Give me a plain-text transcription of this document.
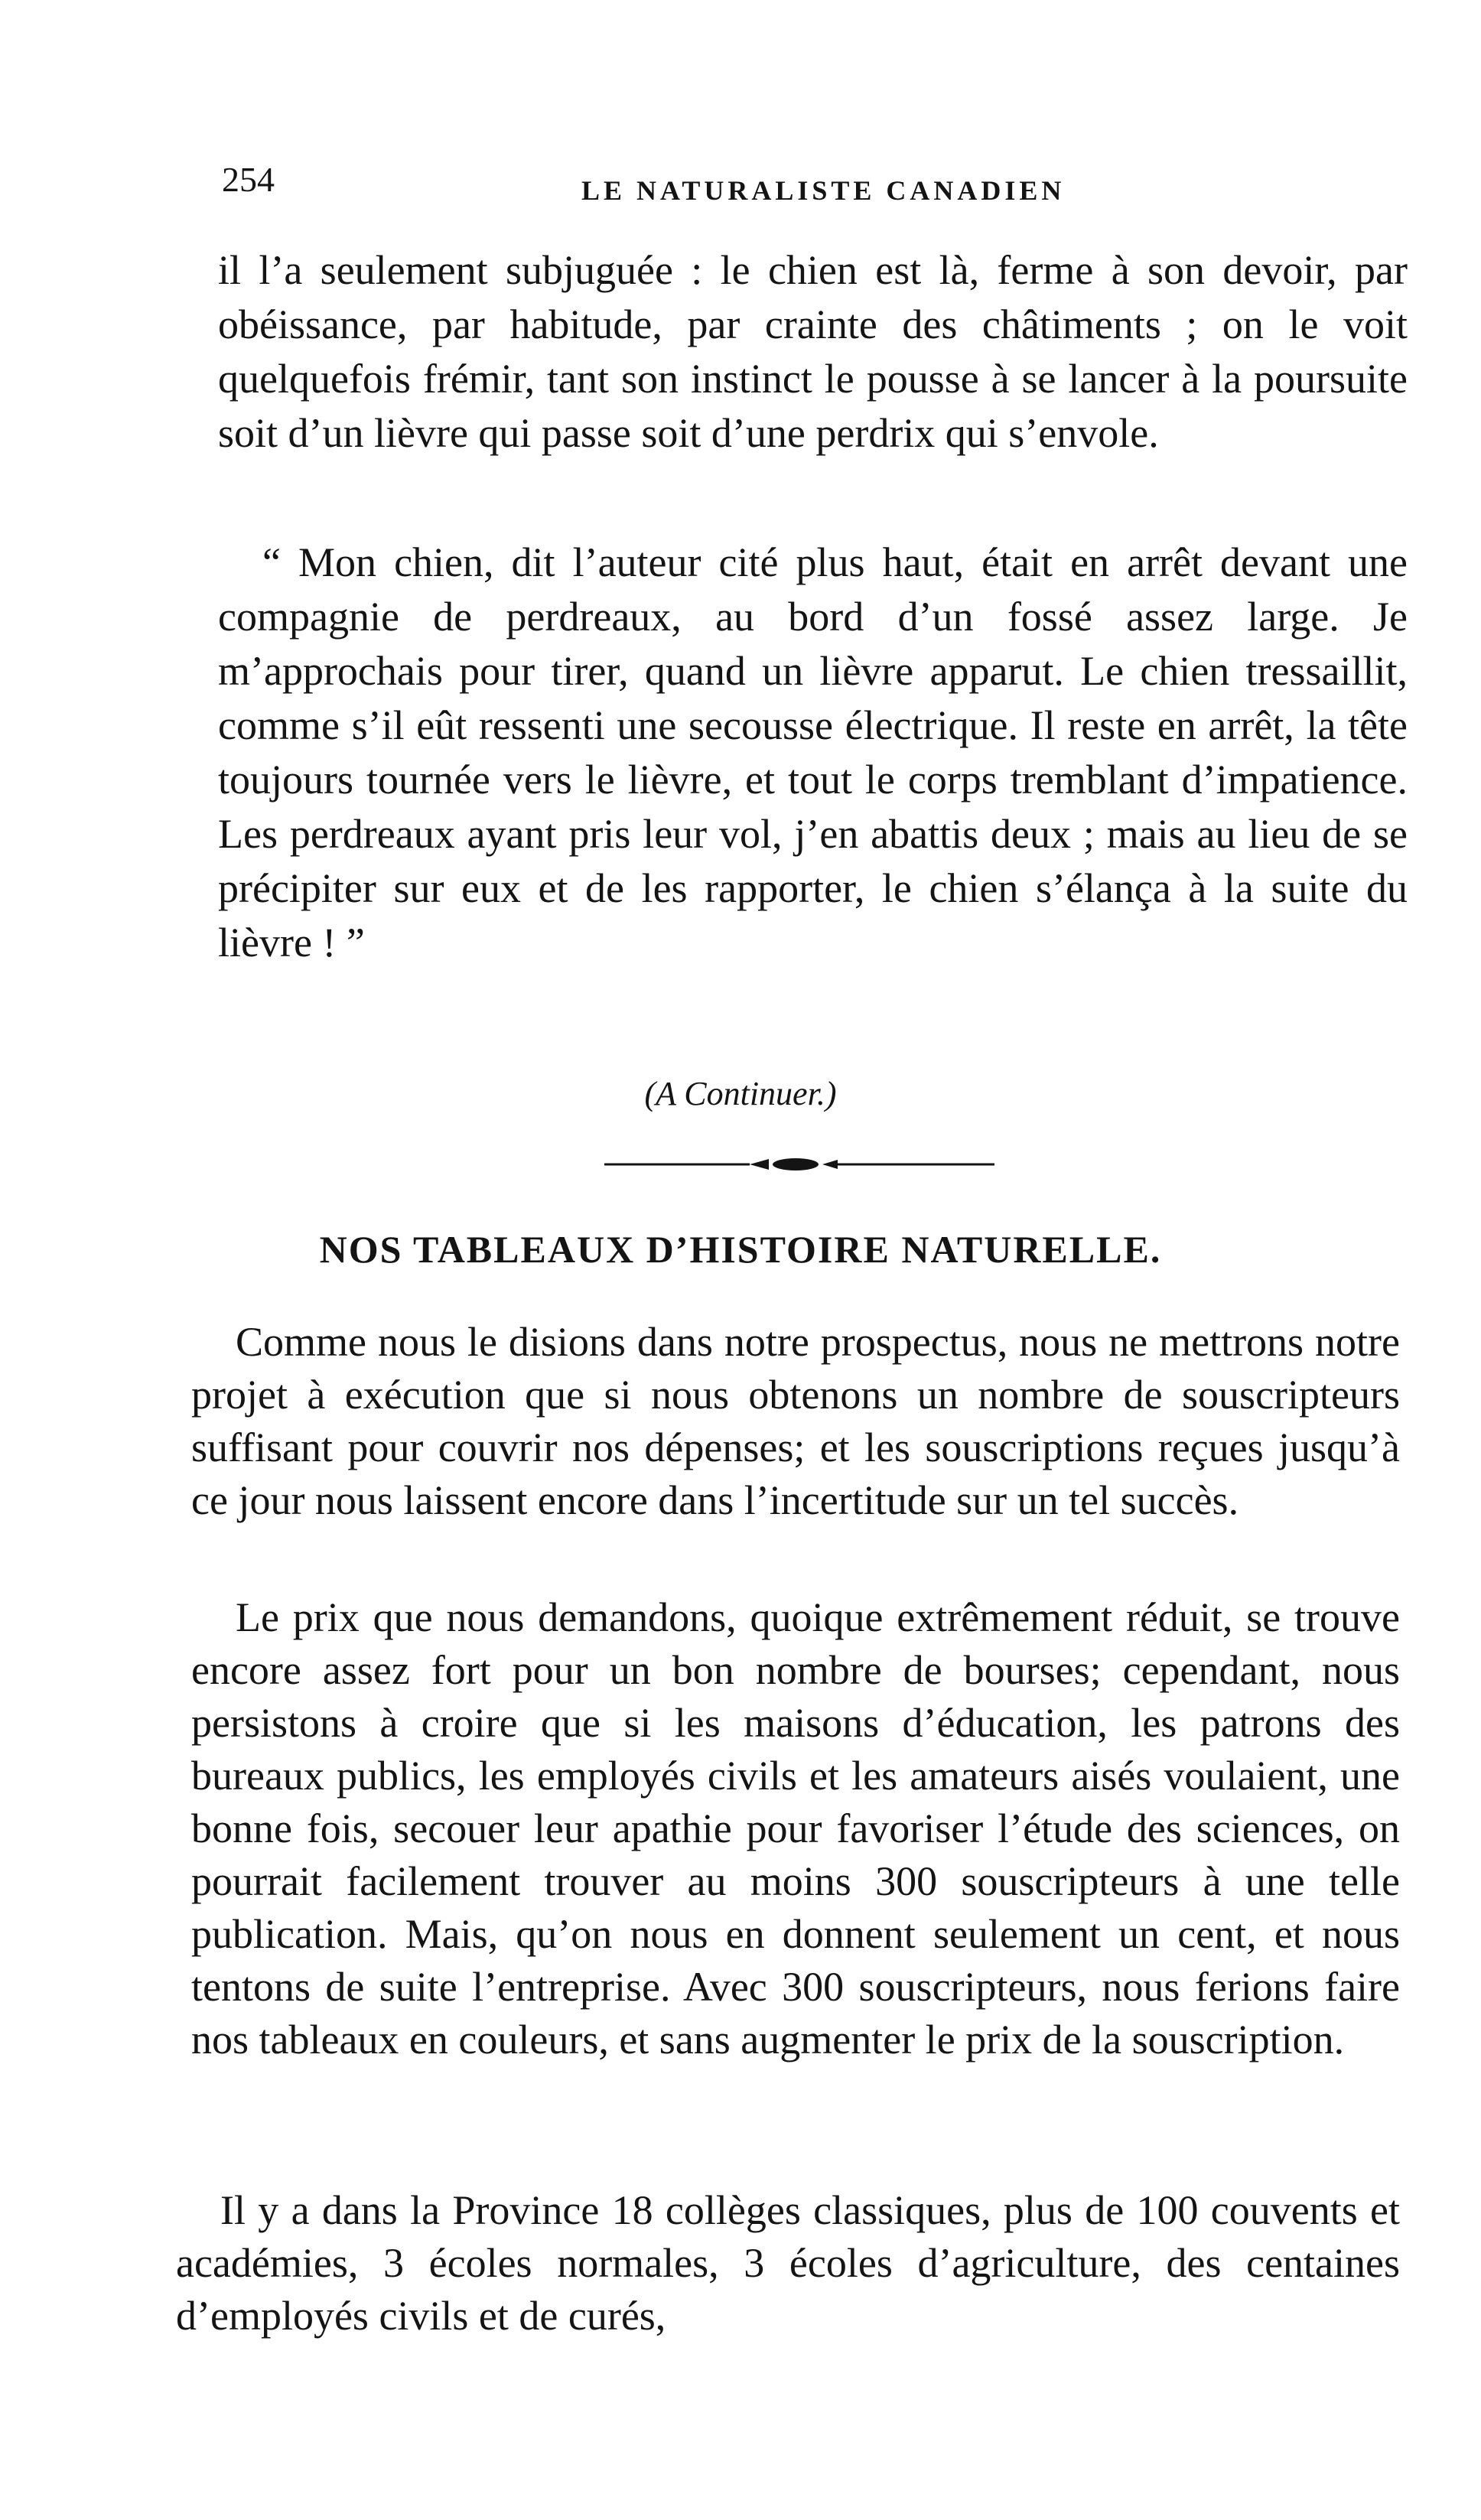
254	LE NATURALISTE CANADIEN

il l’a seulement subjuguée : le chien est là, ferme à son devoir, par obéissance, par habitude, par crainte des châtiments ; on le voit quelquefois frémir, tant son instinct le pousse à se lancer à la poursuite soit d’un lièvre qui passe soit d’une perdrix qui s’envole.

“ Mon chien, dit l’auteur cité plus haut, était en arrêt devant une compagnie de perdreaux, au bord d’un fossé assez large. Je m’approchais pour tirer, quand un lièvre apparut. Le chien tressaillit, comme s’il eût ressenti une secousse électrique. Il reste en arrêt, la tête toujours tournée vers le lièvre, et tout le corps tremblant d’impatience. Les perdreaux ayant pris leur vol, j’en abattis deux ; mais au lieu de se précipiter sur eux et de les rapporter, le chien s’élança à la suite du lièvre ! ”

(A Continuer.)
NOS TABLEAUX D’HISTOIRE NATURELLE.

Comme nous le disions dans notre prospectus, nous ne mettrons notre projet à exécution que si nous obtenons un nombre de souscripteurs suffisant pour couvrir nos dépenses; et les souscriptions reçues jusqu’à ce jour nous laissent encore dans l’incertitude sur un tel succès.

Le prix que nous demandons, quoique extrêmement réduit, se trouve encore assez fort pour un bon nombre de bourses; cependant, nous persistons à croire que si les maisons d’éducation, les patrons des bureaux publics, les employés civils et les amateurs aisés voulaient, une bonne fois, secouer leur apathie pour favoriser l’étude des sciences, on pourrait facilement trouver au moins 300 souscripteurs à une telle publication. Mais, qu’on nous en donnent seulement un cent, et nous tentons de suite l’entreprise. Avec 300 souscripteurs, nous ferions faire nos tableaux en couleurs, et sans augmenter le prix de la souscription.

Il y a dans la Province 18 collèges classiques, plus de 100 couvents et académies, 3 écoles normales, 3 écoles d’agriculture, des centaines d’employés civils et de curés,
